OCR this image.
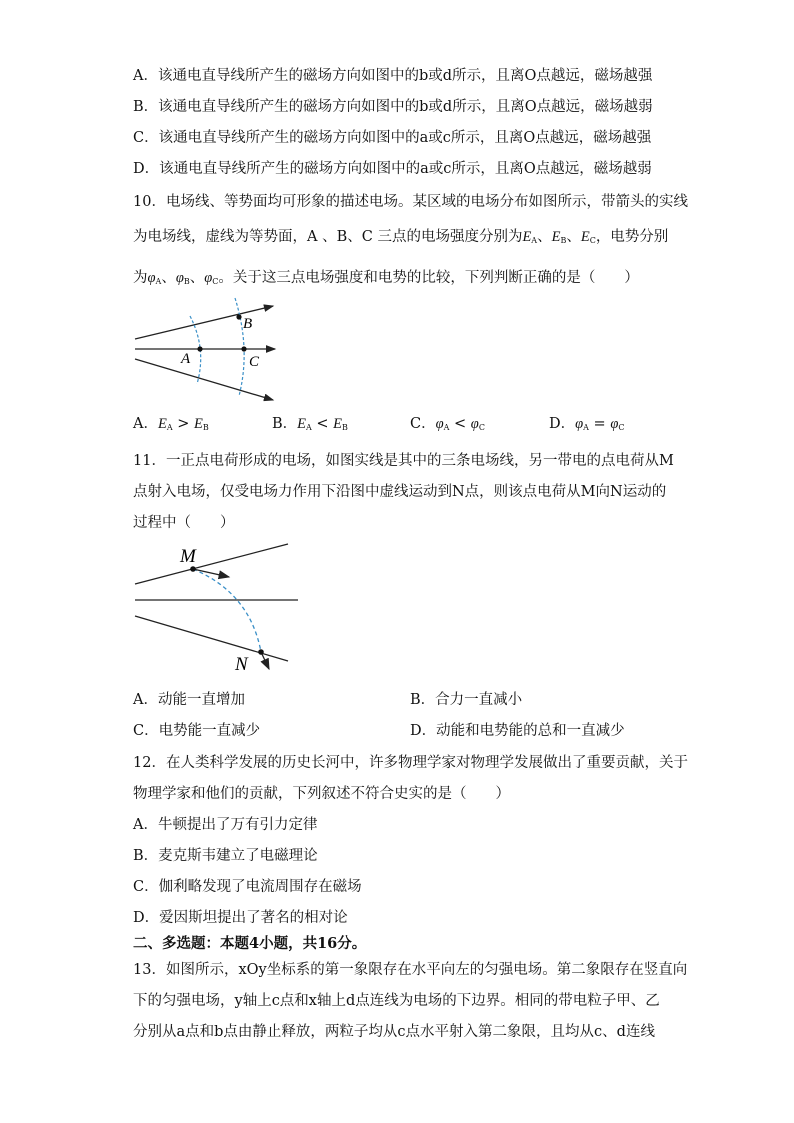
A．该通电直导线所产生的磁场方向如图中的b或d所示，且离O点越远，磁场越强
B．该通电直导线所产生的磁场方向如图中的b或d所示，且离O点越远，磁场越弱
C．该通电直导线所产生的磁场方向如图中的a或c所示，且离O点越远，磁场越强
D．该通电直导线所产生的磁场方向如图中的a或c所示，且离O点越远，磁场越弱
10．电场线、等势面均可形象的描述电场。某区域的电场分布如图所示，带箭头的实线
为电场线，虚线为等势面，A 、B、C 三点的电场强度分别为$E_A$、$E_B$、$E_C$，电势分别
为$\varphi_A$、$\varphi_B$、$\varphi_C$。关于这三点电场强度和电势的比较，下列判断正确的是（　　）
A
B
C
A．$E_A > E_B$	B．$E_A < E_B$	C．$\varphi_A < \varphi_C$	D．$\varphi_A = \varphi_C$
11．一正点电荷形成的电场，如图实线是其中的三条电场线，另一带电的点电荷从M
点射入电场，仅受电场力作用下沿图中虚线运动到N点，则该点电荷从M向N运动的
过程中（　　）
M
N
A．动能一直增加	B．合力一直减小
C．电势能一直减少	D．动能和电势能的总和一直减少
12．在人类科学发展的历史长河中，许多物理学家对物理学发展做出了重要贡献，关于
物理学家和他们的贡献，下列叙述不符合史实的是（　　）
A．牛顿提出了万有引力定律
B．麦克斯韦建立了电磁理论
C．伽利略发现了电流周围存在磁场
D．爱因斯坦提出了著名的相对论
二、多选题：本题4小题，共16分。
13．如图所示，xOy坐标系的第一象限存在水平向左的匀强电场。第二象限存在竖直向
下的匀强电场，y轴上c点和x轴上d点连线为电场的下边界。相同的带电粒子甲、乙
分别从a点和b点由静止释放，两粒子均从c点水平射入第二象限，且均从c、d连线
